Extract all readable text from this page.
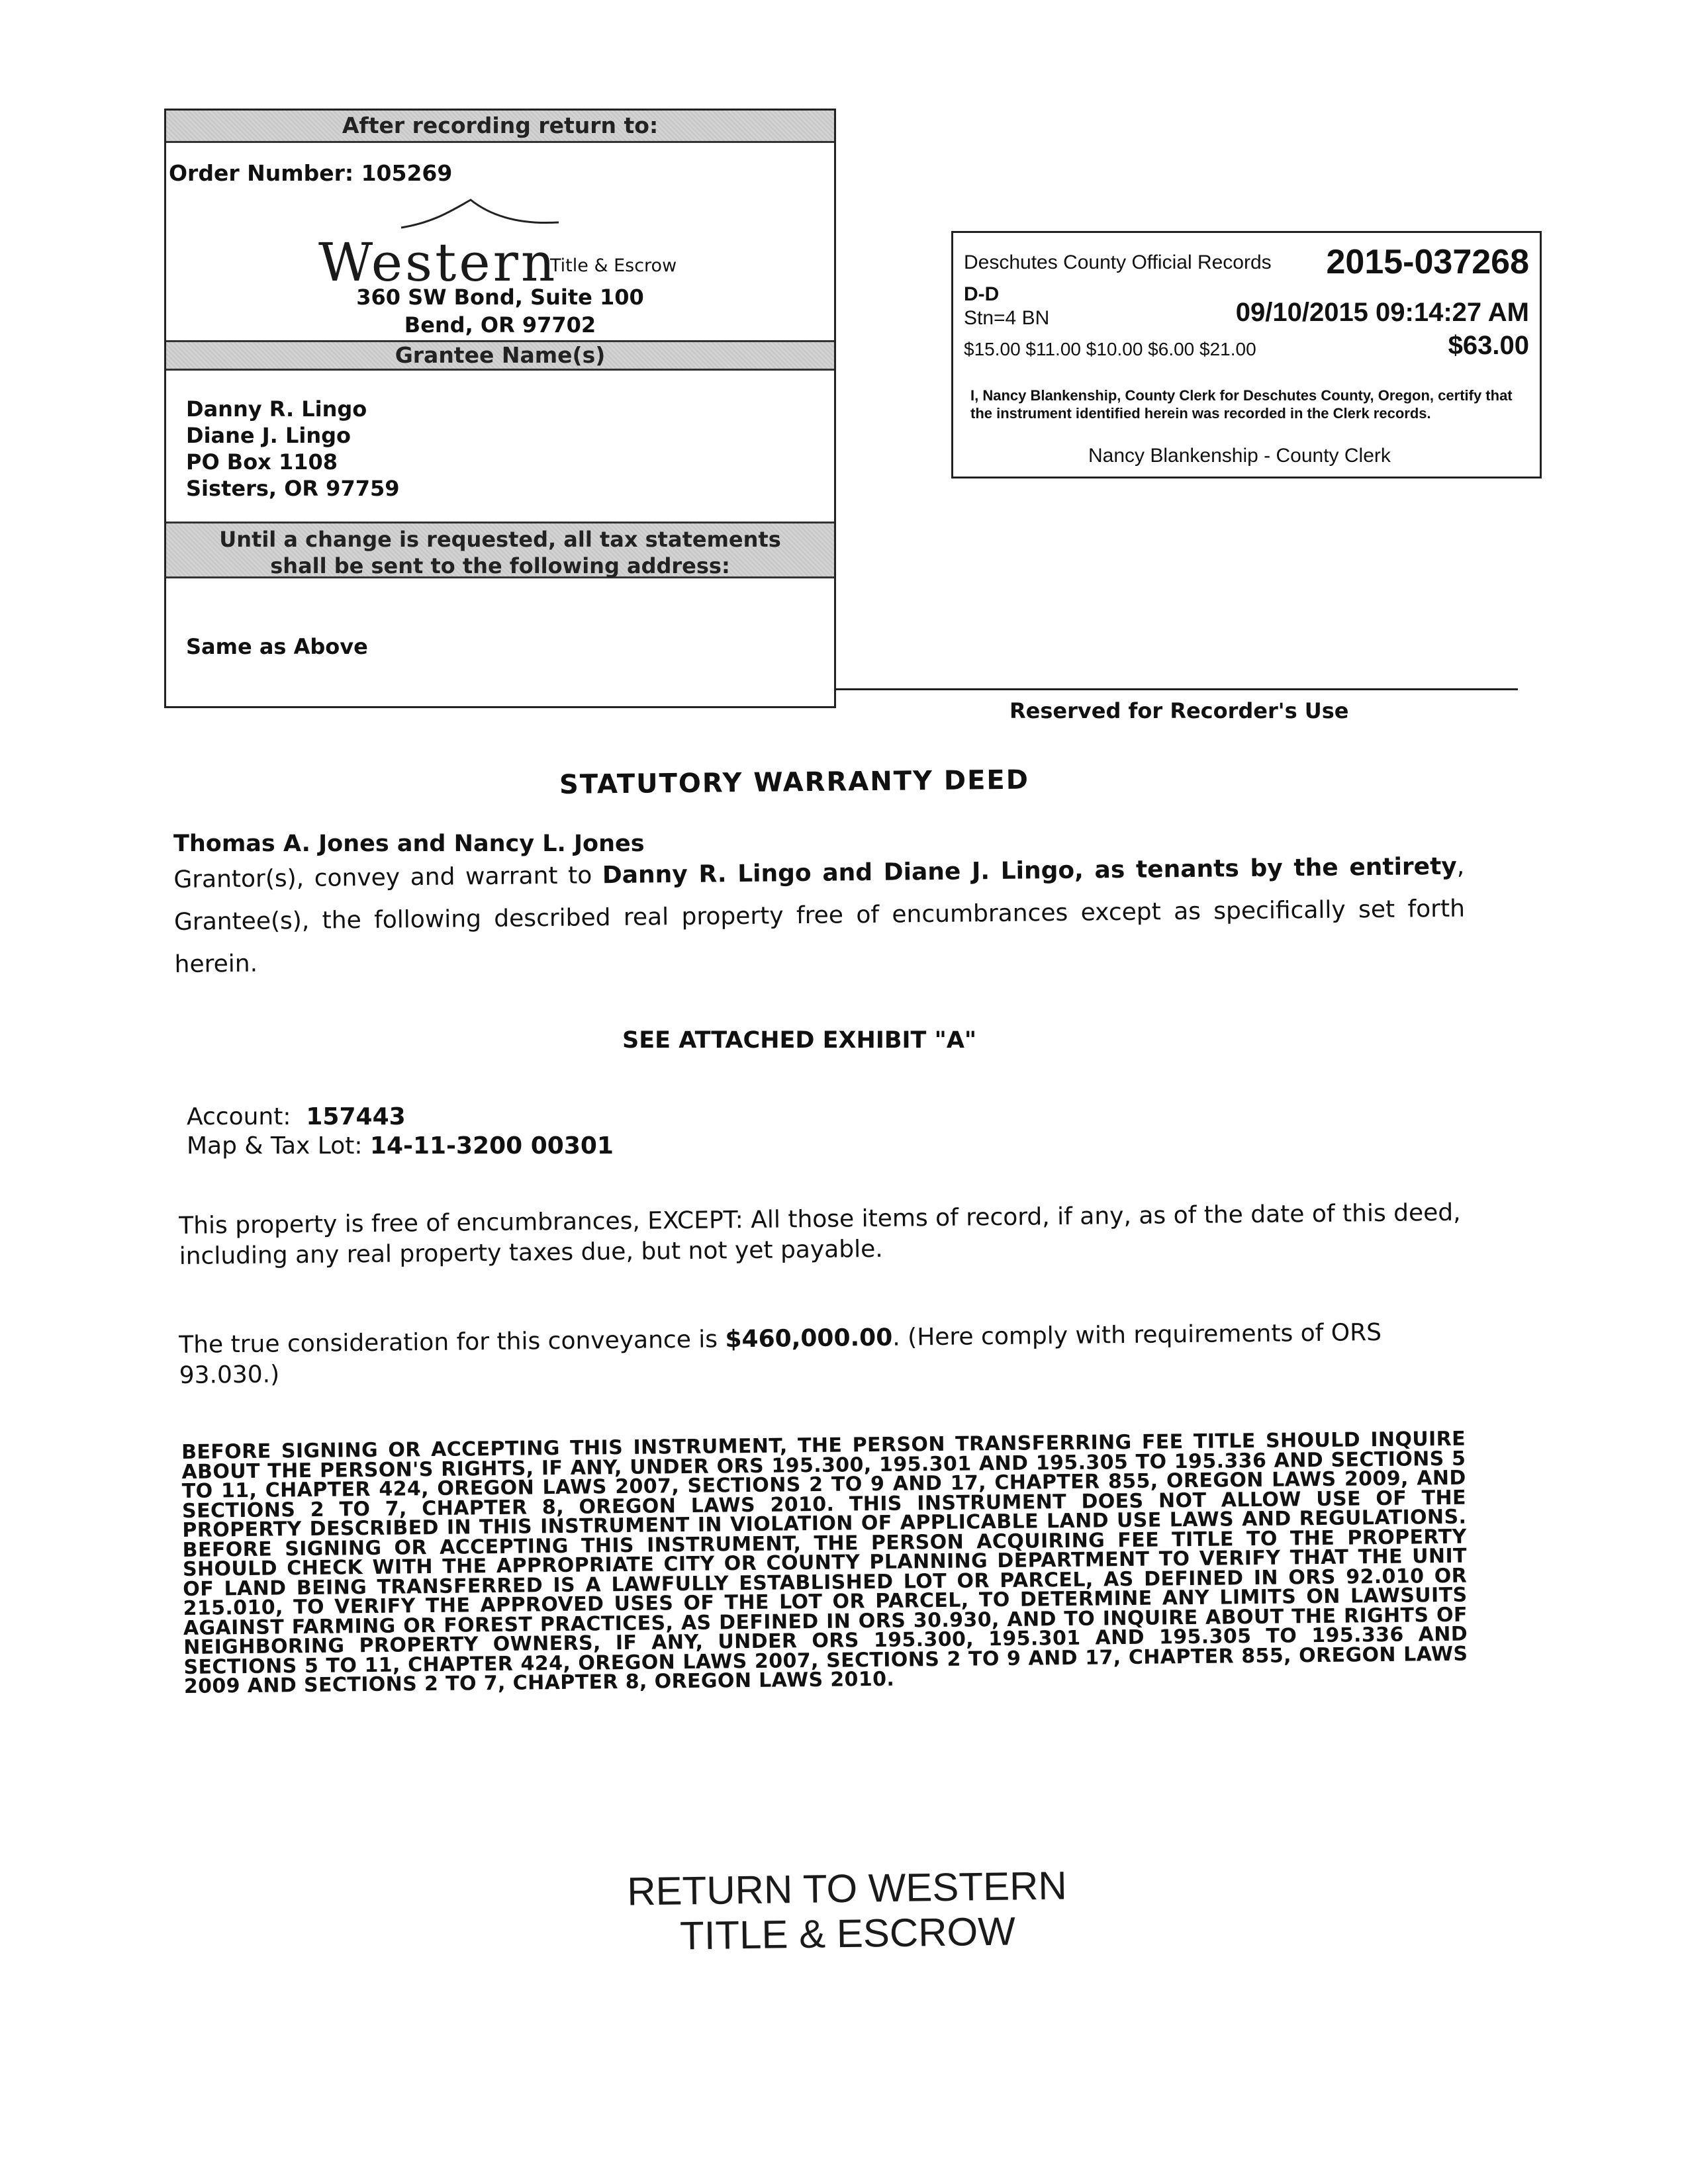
After recording return to:
Order Number: 105269
Western
Title & Escrow
360 SW Bond, Suite 100
Bend, OR 97702
Grantee Name(s)
Danny R. Lingo
Diane J. Lingo
PO Box 1108
Sisters, OR 97759
Until a change is requested, all tax statements
shall be sent to the following address:
Same as Above
Reserved for Recorder's Use
Deschutes County Official Records 2015-037268
D-D
Stn=4 BN	09/10/2015 09:14:27 AM
$15.00 $11.00 $10.00 $6.00 $21.00	$63.00
I, Nancy Blankenship, County Clerk for Deschutes County, Oregon, certify that the instrument identified herein was recorded in the Clerk records.
Nancy Blankenship - County Clerk
STATUTORY WARRANTY DEED
Thomas A. Jones and Nancy L. Jones
Grantor(s), convey and warrant to Danny R. Lingo and Diane J. Lingo, as tenants by the entirety, Grantee(s), the following described real property free of encumbrances except as specifically set forth herein.
SEE ATTACHED EXHIBIT "A"
Account: 157443
Map & Tax Lot: 14-11-3200 00301
This property is free of encumbrances, EXCEPT: All those items of record, if any, as of the date of this deed, including any real property taxes due, but not yet payable.
The true consideration for this conveyance is $460,000.00. (Here comply with requirements of ORS 93.030.)
BEFORE SIGNING OR ACCEPTING THIS INSTRUMENT, THE PERSON TRANSFERRING FEE TITLE SHOULD INQUIRE ABOUT THE PERSON'S RIGHTS, IF ANY, UNDER ORS 195.300, 195.301 AND 195.305 TO 195.336 AND SECTIONS 5 TO 11, CHAPTER 424, OREGON LAWS 2007, SECTIONS 2 TO 9 AND 17, CHAPTER 855, OREGON LAWS 2009, AND SECTIONS 2 TO 7, CHAPTER 8, OREGON LAWS 2010. THIS INSTRUMENT DOES NOT ALLOW USE OF THE PROPERTY DESCRIBED IN THIS INSTRUMENT IN VIOLATION OF APPLICABLE LAND USE LAWS AND REGULATIONS. BEFORE SIGNING OR ACCEPTING THIS INSTRUMENT, THE PERSON ACQUIRING FEE TITLE TO THE PROPERTY SHOULD CHECK WITH THE APPROPRIATE CITY OR COUNTY PLANNING DEPARTMENT TO VERIFY THAT THE UNIT OF LAND BEING TRANSFERRED IS A LAWFULLY ESTABLISHED LOT OR PARCEL, AS DEFINED IN ORS 92.010 OR 215.010, TO VERIFY THE APPROVED USES OF THE LOT OR PARCEL, TO DETERMINE ANY LIMITS ON LAWSUITS AGAINST FARMING OR FOREST PRACTICES, AS DEFINED IN ORS 30.930, AND TO INQUIRE ABOUT THE RIGHTS OF NEIGHBORING PROPERTY OWNERS, IF ANY, UNDER ORS 195.300, 195.301 AND 195.305 TO 195.336 AND SECTIONS 5 TO 11, CHAPTER 424, OREGON LAWS 2007, SECTIONS 2 TO 9 AND 17, CHAPTER 855, OREGON LAWS 2009 AND SECTIONS 2 TO 7, CHAPTER 8, OREGON LAWS 2010.
RETURN TO WESTERN
TITLE & ESCROW
